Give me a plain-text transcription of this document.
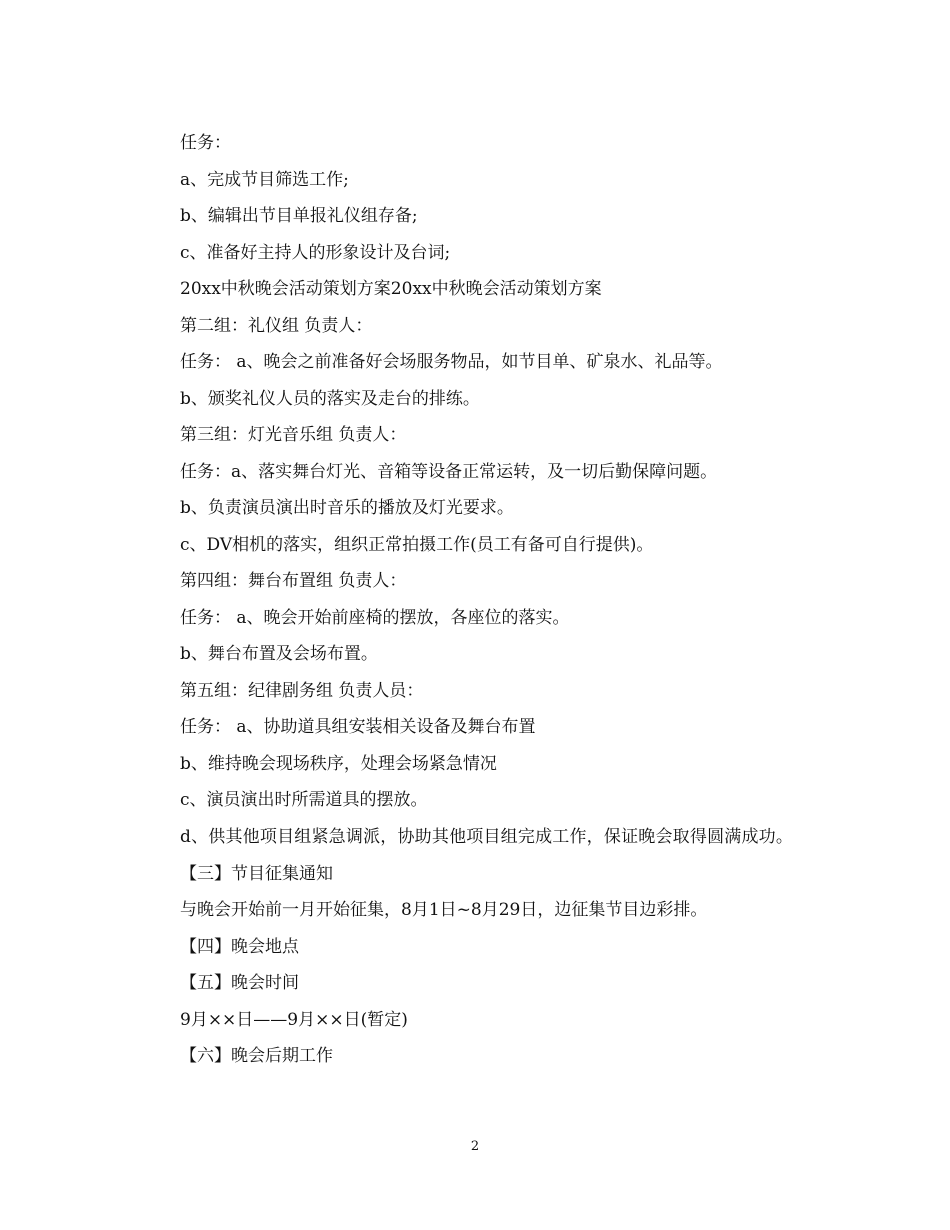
任务：
a、完成节目筛选工作;
b、编辑出节目单报礼仪组存备;
c、准备好主持人的形象设计及台词;
20xx中秋晚会活动策划方案20xx中秋晚会活动策划方案
第二组：礼仪组 负责人：
任务： a、晚会之前准备好会场服务物品，如节目单、矿泉水、礼品等。
b、颁奖礼仪人员的落实及走台的排练。
第三组：灯光音乐组 负责人：
任务：a、落实舞台灯光、音箱等设备正常运转，及一切后勤保障问题。
b、负责演员演出时音乐的播放及灯光要求。
c、DV相机的落实，组织正常拍摄工作(员工有备可自行提供)。
第四组：舞台布置组 负责人：
任务： a、晚会开始前座椅的摆放，各座位的落实。
b、舞台布置及会场布置。
第五组：纪律剧务组 负责人员：
任务： a、协助道具组安装相关设备及舞台布置
b、维持晚会现场秩序，处理会场紧急情况
c、演员演出时所需道具的摆放。
d、供其他项目组紧急调派，协助其他项目组完成工作，保证晚会取得圆满成功。
【三】节目征集通知
与晚会开始前一月开始征集，8月1日~8月29日，边征集节目边彩排。
【四】晚会地点
【五】晚会时间
9月××日——9月××日(暂定)
【六】晚会后期工作
2
